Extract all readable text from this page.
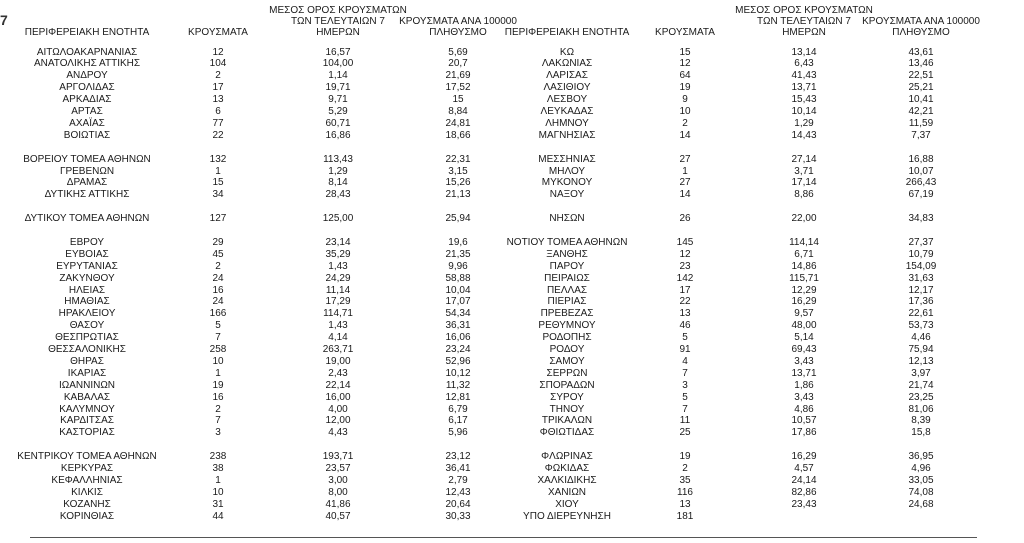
7
ΠΕΡΙΦΕΡΕΙΑΚΗ ΕΝΟΤΗΤΑ	ΚΡΟΥΣΜΑΤΑ
ΜΕΣΟΣ ΟΡΟΣ ΚΡΟΥΣΜΑΤΩΝ
ΤΩΝ ΤΕΛΕΥΤΑΙΩΝ 7
ΗΜΕΡΩΝ
ΚΡΟΥΣΜΑΤΑ ΑΝΑ 100000
ΠΛΗΘΥΣΜΟ
ΑΙΤΩΛΟΑΚΑΡΝΑΝΙΑΣ	12	16,57	5,69
ΑΝΑΤΟΛΙΚΗΣ ΑΤΤΙΚΗΣ	104	104,00	20,7
ΑΝΔΡΟΥ	2	1,14	21,69
ΑΡΓΟΛΙΔΑΣ	17	19,71	17,52
ΑΡΚΑΔΙΑΣ	13	9,71	15
ΑΡΤΑΣ	6	5,29	8,84
ΑΧΑΪΑΣ	77	60,71	24,81
ΒΟΙΩΤΙΑΣ	22	16,86	18,66
ΒΟΡΕΙΟΥ ΤΟΜΕΑ ΑΘΗΝΩΝ	132	113,43	22,31
ΓΡΕΒΕΝΩΝ	1	1,29	3,15
ΔΡΑΜΑΣ	15	8,14	15,26
ΔΥΤΙΚΗΣ ΑΤΤΙΚΗΣ	34	28,43	21,13
ΔΥΤΙΚΟΥ ΤΟΜΕΑ ΑΘΗΝΩΝ	127	125,00	25,94
ΕΒΡΟΥ	29	23,14	19,6
ΕΥΒΟΙΑΣ	45	35,29	21,35
ΕΥΡΥΤΑΝΙΑΣ	2	1,43	9,96
ΖΑΚΥΝΘΟΥ	24	24,29	58,88
ΗΛΕΙΑΣ	16	11,14	10,04
ΗΜΑΘΙΑΣ	24	17,29	17,07
ΗΡΑΚΛΕΙΟΥ	166	114,71	54,34
ΘΑΣΟΥ	5	1,43	36,31
ΘΕΣΠΡΩΤΙΑΣ	7	4,14	16,06
ΘΕΣΣΑΛΟΝΙΚΗΣ	258	263,71	23,24
ΘΗΡΑΣ	10	19,00	52,96
ΙΚΑΡΙΑΣ	1	2,43	10,12
ΙΩΑΝΝΙΝΩΝ	19	22,14	11,32
ΚΑΒΑΛΑΣ	16	16,00	12,81
ΚΑΛΥΜΝΟΥ	2	4,00	6,79
ΚΑΡΔΙΤΣΑΣ	7	12,00	6,17
ΚΑΣΤΟΡΙΑΣ	3	4,43	5,96
ΚΕΝΤΡΙΚΟΥ ΤΟΜΕΑ ΑΘΗΝΩΝ	238	193,71	23,12
ΚΕΡΚΥΡΑΣ	38	23,57	36,41
ΚΕΦΑΛΛΗΝΙΑΣ	1	3,00	2,79
ΚΙΛΚΙΣ	10	8,00	12,43
ΚΟΖΑΝΗΣ	31	41,86	20,64
ΚΟΡΙΝΘΙΑΣ	44	40,57	30,33
ΠΕΡΙΦΕΡΕΙΑΚΗ ΕΝΟΤΗΤΑ	ΚΡΟΥΣΜΑΤΑ
ΜΕΣΟΣ ΟΡΟΣ ΚΡΟΥΣΜΑΤΩΝ
ΤΩΝ ΤΕΛΕΥΤΑΙΩΝ 7
ΗΜΕΡΩΝ
ΚΡΟΥΣΜΑΤΑ ΑΝΑ 100000
ΠΛΗΘΥΣΜΟ
ΚΩ	15	13,14	43,61
ΛΑΚΩΝΙΑΣ	12	6,43	13,46
ΛΑΡΙΣΑΣ	64	41,43	22,51
ΛΑΣΙΘΙΟΥ	19	13,71	25,21
ΛΕΣΒΟΥ	9	15,43	10,41
ΛΕΥΚΑΔΑΣ	10	10,14	42,21
ΛΗΜΝΟΥ	2	1,29	11,59
ΜΑΓΝΗΣΙΑΣ	14	14,43	7,37
ΜΕΣΣΗΝΙΑΣ	27	27,14	16,88
ΜΗΛΟΥ	1	3,71	10,07
ΜΥΚΟΝΟΥ	27	17,14	266,43
ΝΑΞΟΥ	14	8,86	67,19
ΝΗΣΩΝ	26	22,00	34,83
ΝΟΤΙΟΥ ΤΟΜΕΑ ΑΘΗΝΩΝ	145	114,14	27,37
ΞΑΝΘΗΣ	12	6,71	10,79
ΠΑΡΟΥ	23	14,86	154,09
ΠΕΙΡΑΙΩΣ	142	115,71	31,63
ΠΕΛΛΑΣ	17	12,29	12,17
ΠΙΕΡΙΑΣ	22	16,29	17,36
ΠΡΕΒΕΖΑΣ	13	9,57	22,61
ΡΕΘΥΜΝΟΥ	46	48,00	53,73
ΡΟΔΟΠΗΣ	5	5,14	4,46
ΡΟΔΟΥ	91	69,43	75,94
ΣΑΜΟΥ	4	3,43	12,13
ΣΕΡΡΩΝ	7	13,71	3,97
ΣΠΟΡΑΔΩΝ	3	1,86	21,74
ΣΥΡΟΥ	5	3,43	23,25
ΤΗΝΟΥ	7	4,86	81,06
ΤΡΙΚΑΛΩΝ	11	10,57	8,39
ΦΘΙΩΤΙΔΑΣ	25	17,86	15,8
ΦΛΩΡΙΝΑΣ	19	16,29	36,95
ΦΩΚΙΔΑΣ	2	4,57	4,96
ΧΑΛΚΙΔΙΚΗΣ	35	24,14	33,05
ΧΑΝΙΩΝ	116	82,86	74,08
ΧΙΟΥ	13	23,43	24,68
ΥΠΟ ΔΙΕΡΕΥΝΗΣΗ	181
